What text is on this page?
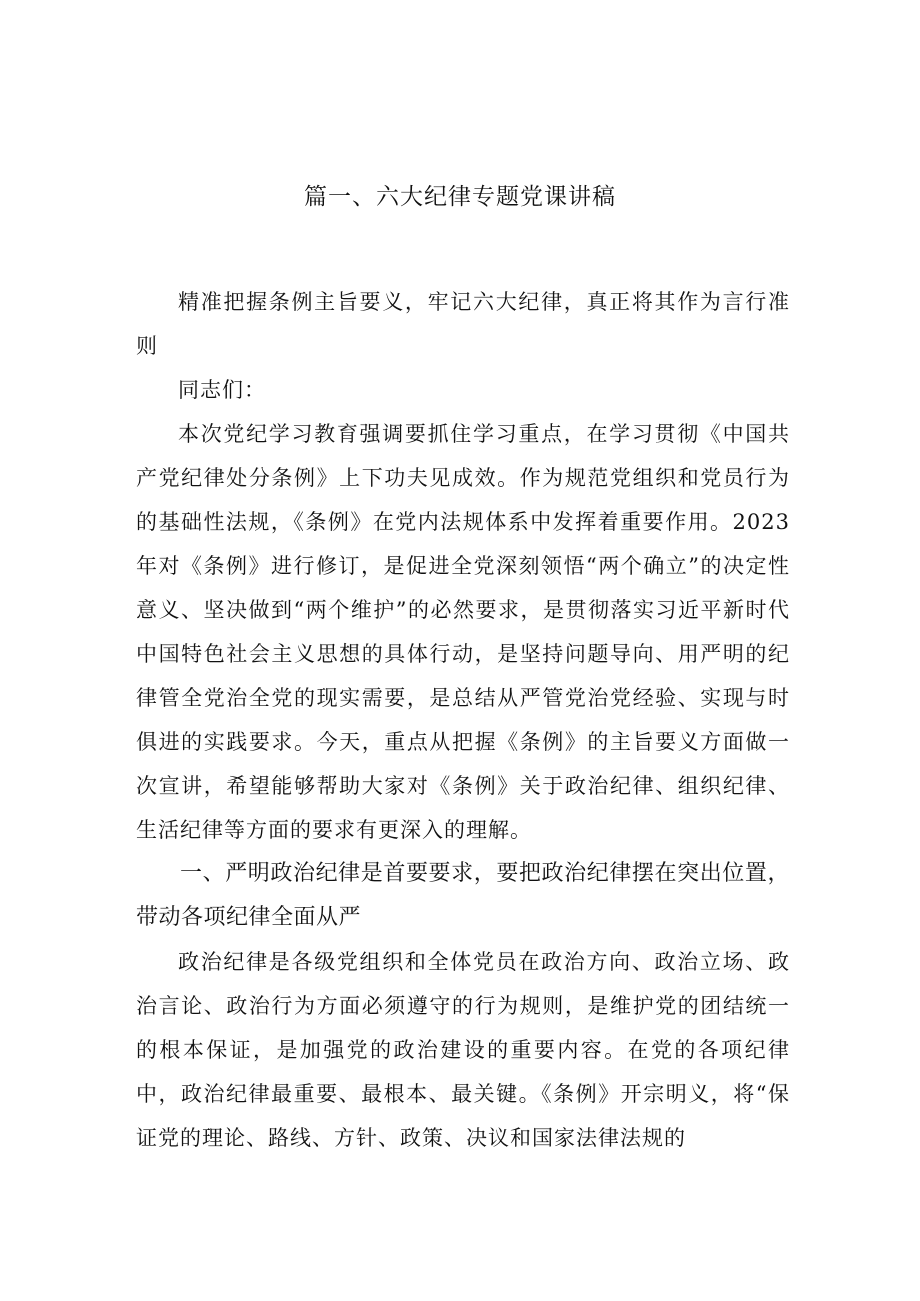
篇一、六大纪律专题党课讲稿

精准把握条例主旨要义，牢记六大纪律，真正将其作为言行准则

同志们：

本次党纪学习教育强调要抓住学习重点，在学习贯彻《中国共产党纪律处分条例》上下功夫见成效。作为规范党组织和党员行为的基础性法规，《条例》在党内法规体系中发挥着重要作用。2023年对《条例》进行修订，是促进全党深刻领悟“两个确立”的决定性意义、坚决做到“两个维护”的必然要求，是贯彻落实习近平新时代中国特色社会主义思想的具体行动，是坚持问题导向、用严明的纪律管全党治全党的现实需要，是总结从严管党治党经验、实现与时俱进的实践要求。今天，重点从把握《条例》的主旨要义方面做一次宣讲，希望能够帮助大家对《条例》关于政治纪律、组织纪律、生活纪律等方面的要求有更深入的理解。

一、严明政治纪律是首要要求，要把政治纪律摆在突出位置，带动各项纪律全面从严

政治纪律是各级党组织和全体党员在政治方向、政治立场、政治言论、政治行为方面必须遵守的行为规则，是维护党的团结统一的根本保证，是加强党的政治建设的重要内容。在党的各项纪律中，政治纪律最重要、最根本、最关键。《条例》开宗明义，将“保证党的理论、路线、方针、政策、决议和国家法律法规的
